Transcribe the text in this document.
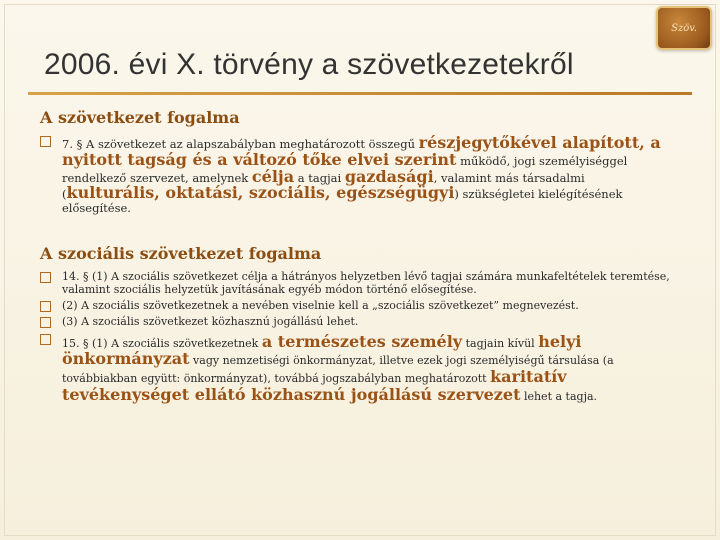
Szöv.
2006. évi X. törvény a szövetkezetekről
A szövetkezet fogalma
7. § A szövetkezet az alapszabályban meghatározott összegű részjegytőkével alapított, a nyitott tagság és a változó tőke elvei szerint működő, jogi személyiséggel rendelkező szervezet, amelynek célja a tagjai gazdasági, valamint más társadalmi (kulturális, oktatási, szociális, egészségügyi) szükségletei kielégítésének elősegítése.
A szociális szövetkezet fogalma
14. § (1) A szociális szövetkezet célja a hátrányos helyzetben lévő tagjai számára munkafeltételek teremtése, valamint szociális helyzetük javításának egyéb módon történő elősegítése.
(2) A szociális szövetkezetnek a nevében viselnie kell a „szociális szövetkezet” megnevezést.
(3) A szociális szövetkezet közhasznú jogállású lehet.
15. § (1) A szociális szövetkezetnek a természetes személy tagjain kívül helyi önkormányzat vagy nemzetiségi önkormányzat, illetve ezek jogi személyiségű társulása (a továbbiakban együtt: önkormányzat), továbbá jogszabályban meghatározott karitatív tevékenységet ellátó közhasznú jogállású szervezet lehet a tagja.
